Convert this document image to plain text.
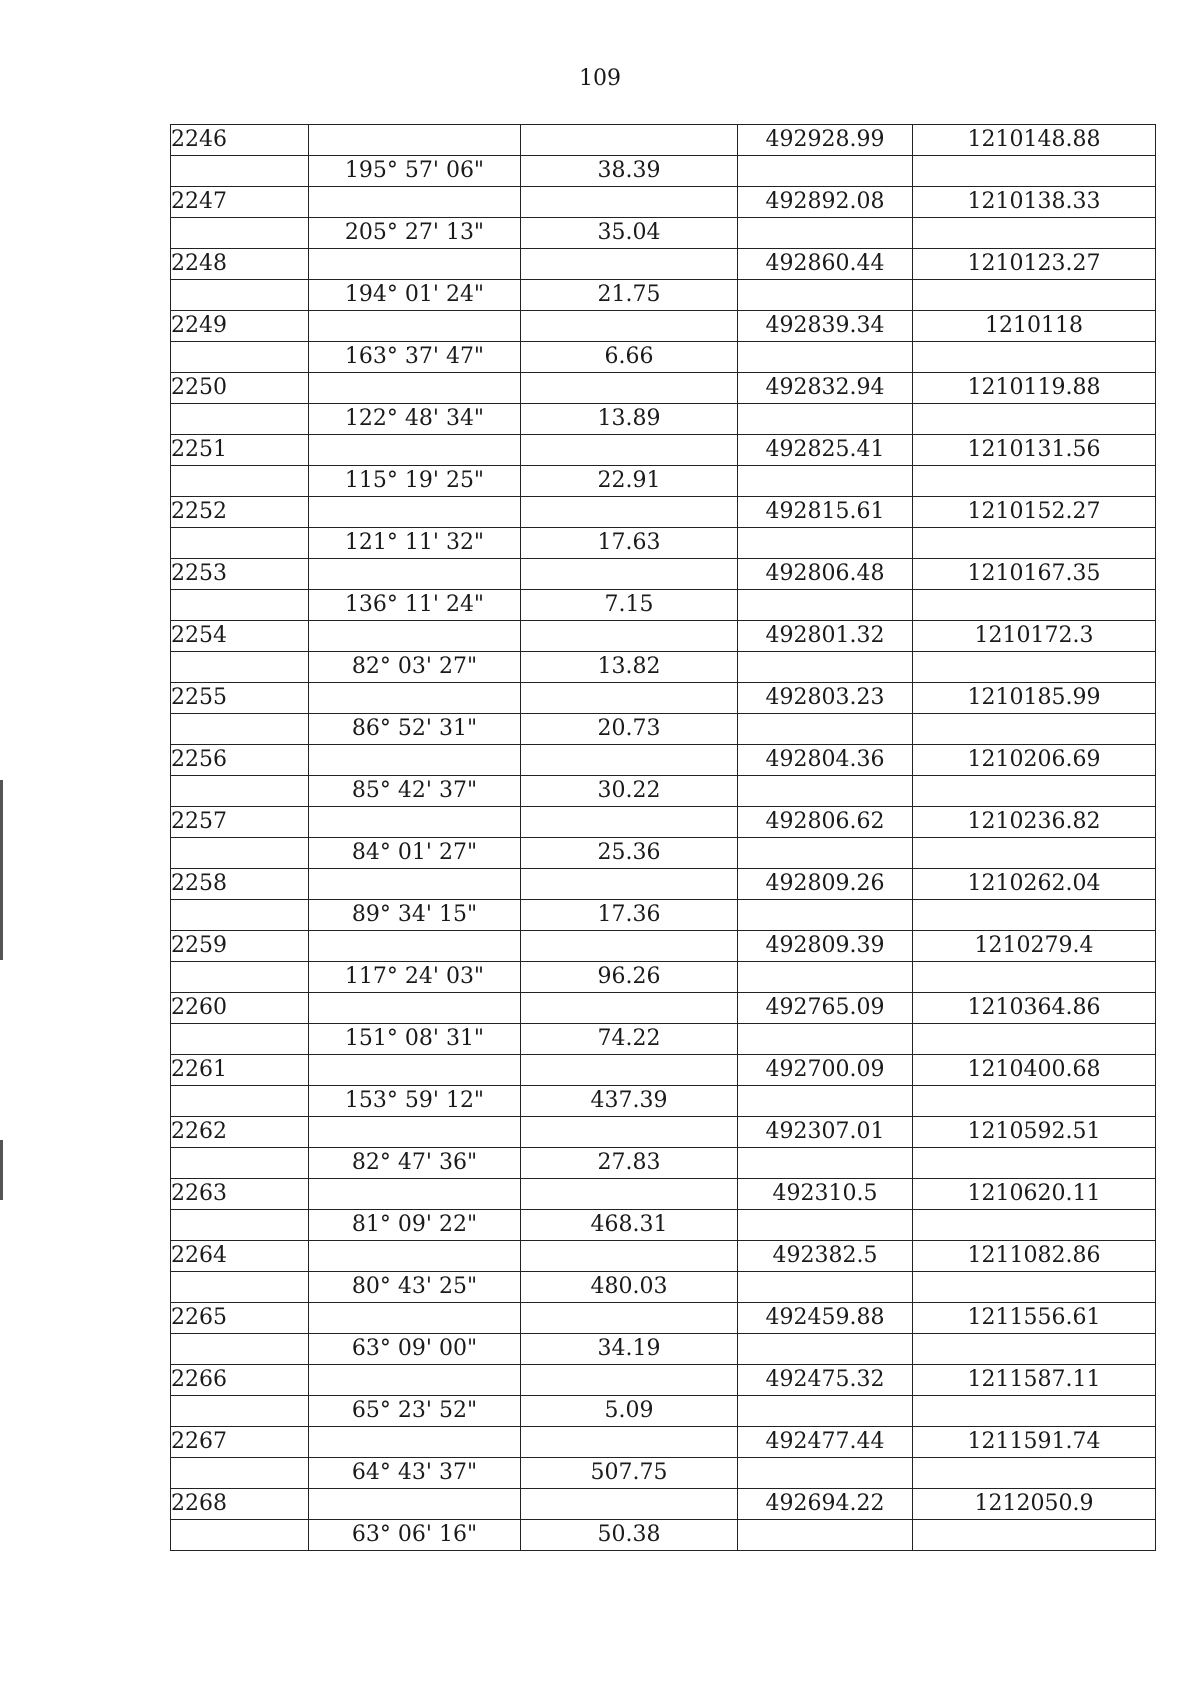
109
2246			492928.99	1210148.88
	195° 57' 06"	38.39		
2247			492892.08	1210138.33
	205° 27' 13"	35.04		
2248			492860.44	1210123.27
	194° 01' 24"	21.75		
2249			492839.34	1210118
	163° 37' 47"	6.66		
2250			492832.94	1210119.88
	122° 48' 34"	13.89		
2251			492825.41	1210131.56
	115° 19' 25"	22.91		
2252			492815.61	1210152.27
	121° 11' 32"	17.63		
2253			492806.48	1210167.35
	136° 11' 24"	7.15		
2254			492801.32	1210172.3
	82° 03' 27"	13.82		
2255			492803.23	1210185.99
	86° 52' 31"	20.73		
2256			492804.36	1210206.69
	85° 42' 37"	30.22		
2257			492806.62	1210236.82
	84° 01' 27"	25.36		
2258			492809.26	1210262.04
	89° 34' 15"	17.36		
2259			492809.39	1210279.4
	117° 24' 03"	96.26		
2260			492765.09	1210364.86
	151° 08' 31"	74.22		
2261			492700.09	1210400.68
	153° 59' 12"	437.39		
2262			492307.01	1210592.51
	82° 47' 36"	27.83		
2263			492310.5	1210620.11
	81° 09' 22"	468.31		
2264			492382.5	1211082.86
	80° 43' 25"	480.03		
2265			492459.88	1211556.61
	63° 09' 00"	34.19		
2266			492475.32	1211587.11
	65° 23' 52"	5.09		
2267			492477.44	1211591.74
	64° 43' 37"	507.75		
2268			492694.22	1212050.9
	63° 06' 16"	50.38		
